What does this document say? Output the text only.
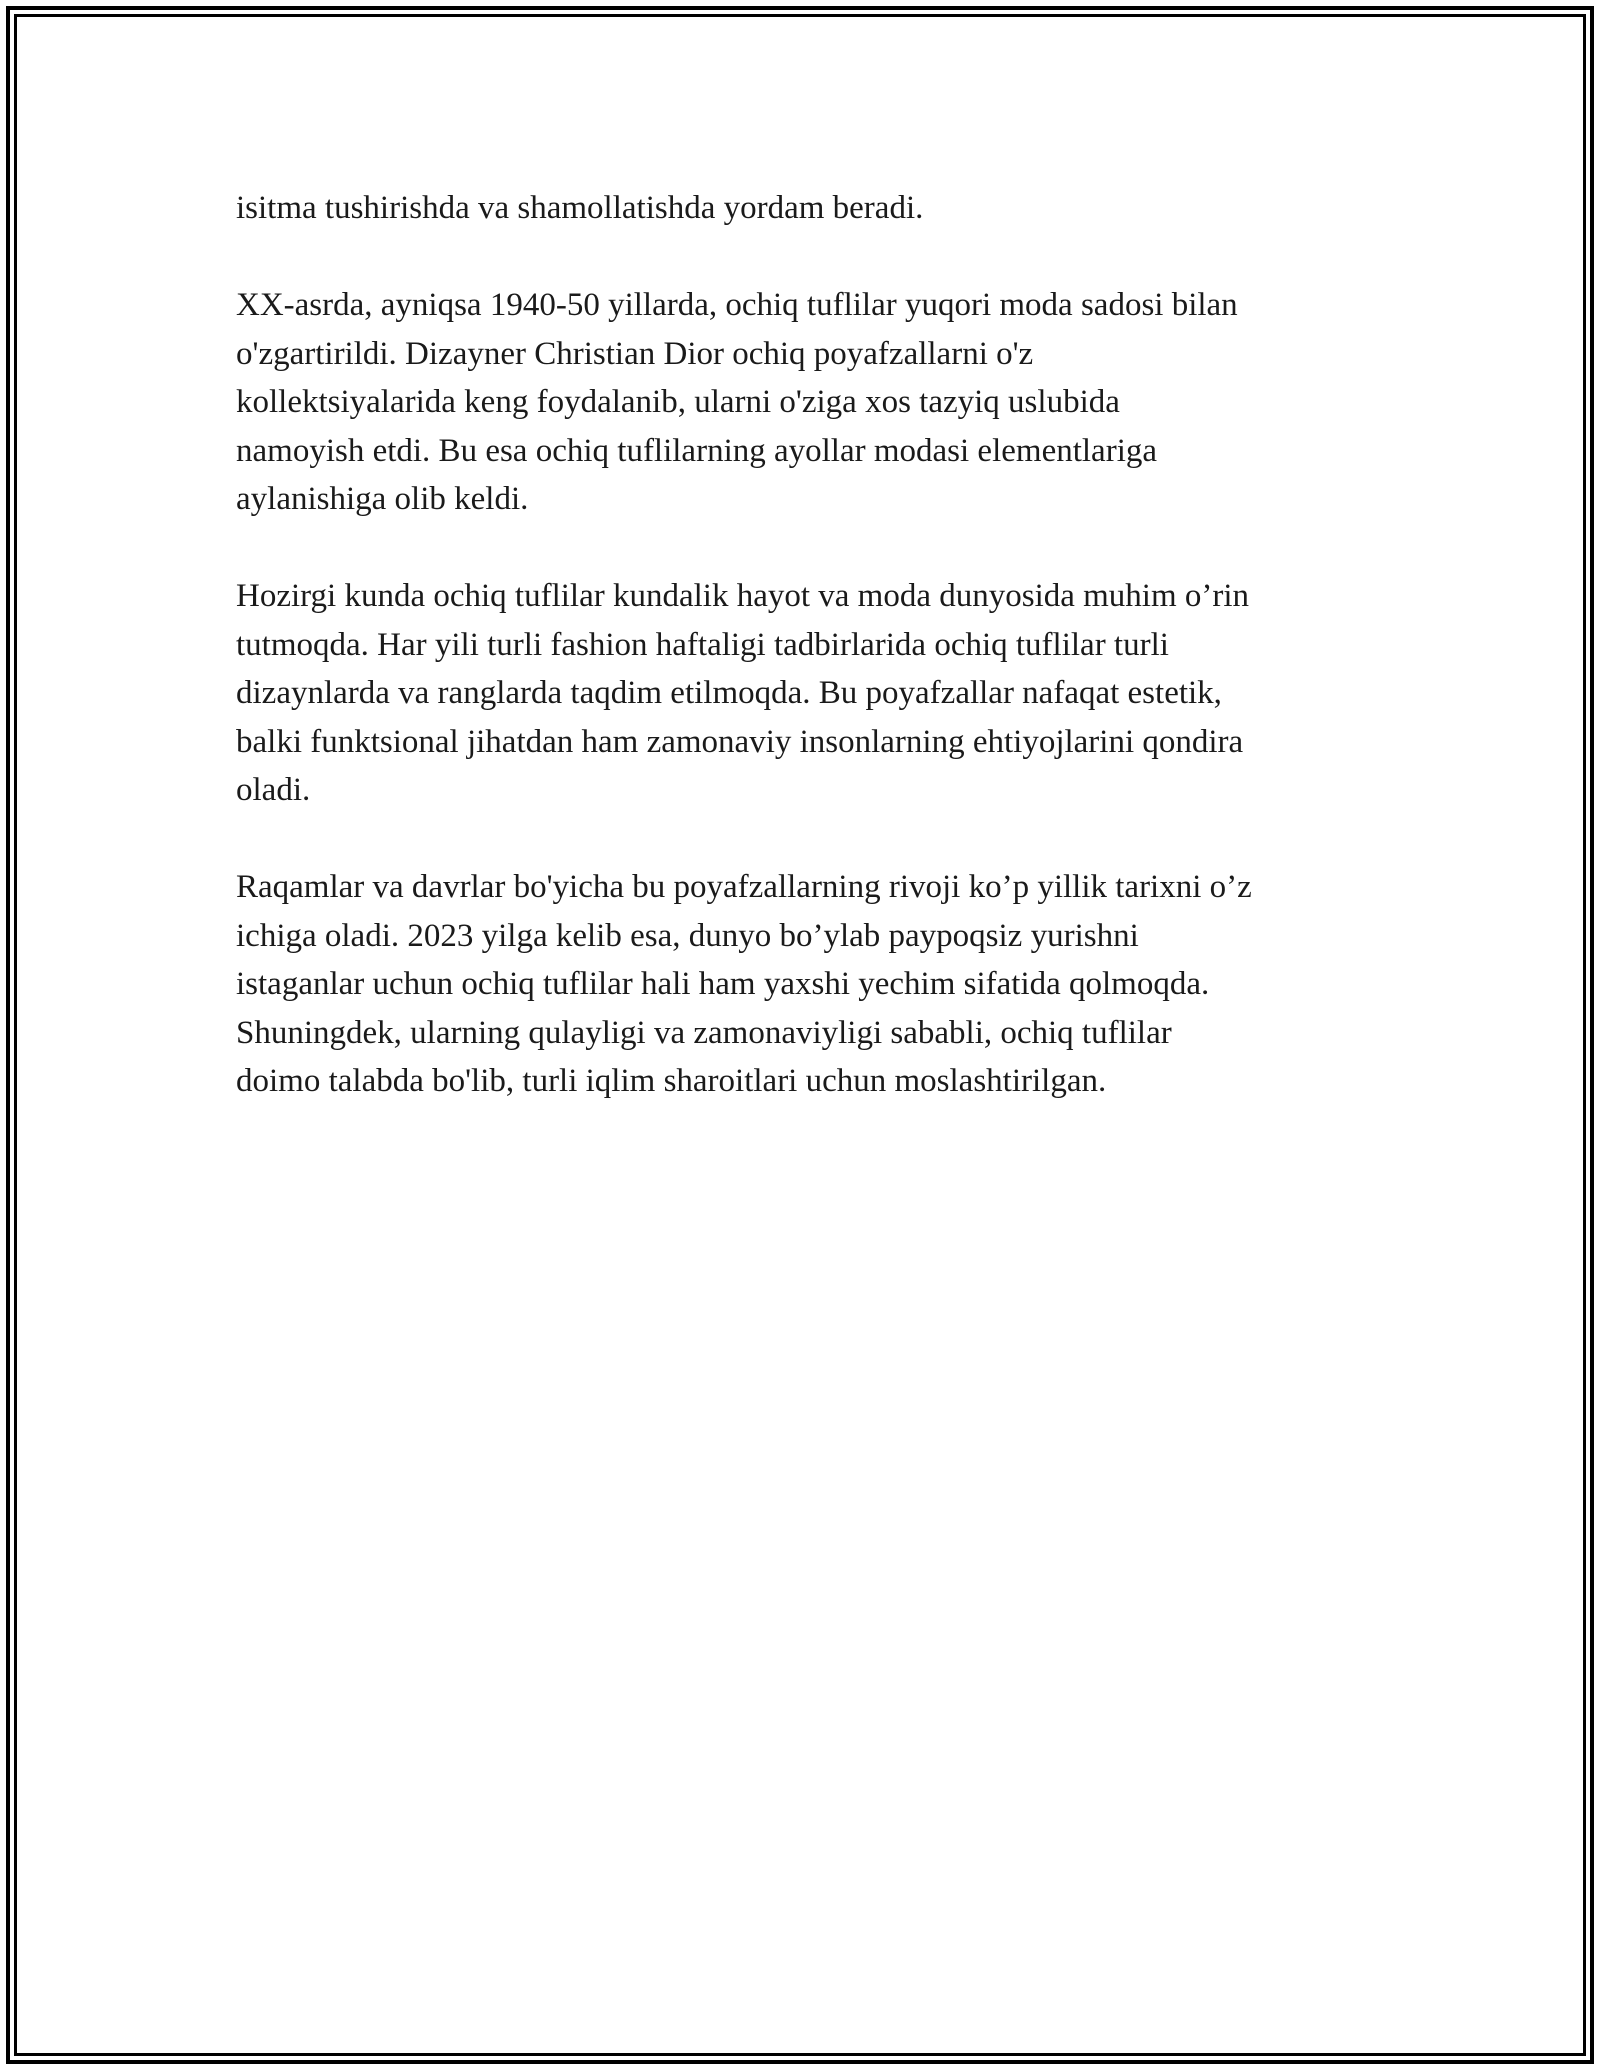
isitma tushirishda va shamollatishda yordam beradi.

XX-asrda, ayniqsa 1940-50 yillarda, ochiq tuflilar yuqori moda sadosi bilan
o'zgartirildi. Dizayner Christian Dior ochiq poyafzallarni o'z
kollektsiyalarida keng foydalanib, ularni o'ziga xos tazyiq uslubida
namoyish etdi. Bu esa ochiq tuflilarning ayollar modasi elementlariga
aylanishiga olib keldi.

Hozirgi kunda ochiq tuflilar kundalik hayot va moda dunyosida muhim o’rin
tutmoqda. Har yili turli fashion haftaligi tadbirlarida ochiq tuflilar turli
dizaynlarda va ranglarda taqdim etilmoqda. Bu poyafzallar nafaqat estetik,
balki funktsional jihatdan ham zamonaviy insonlarning ehtiyojlarini qondira
oladi.

Raqamlar va davrlar bo'yicha bu poyafzallarning rivoji ko’p yillik tarixni o’z
ichiga oladi. 2023 yilga kelib esa, dunyo bo’ylab paypoqsiz yurishni
istaganlar uchun ochiq tuflilar hali ham yaxshi yechim sifatida qolmoqda.
Shuningdek, ularning qulayligi va zamonaviyligi sababli, ochiq tuflilar
doimo talabda bo'lib, turli iqlim sharoitlari uchun moslashtirilgan.
